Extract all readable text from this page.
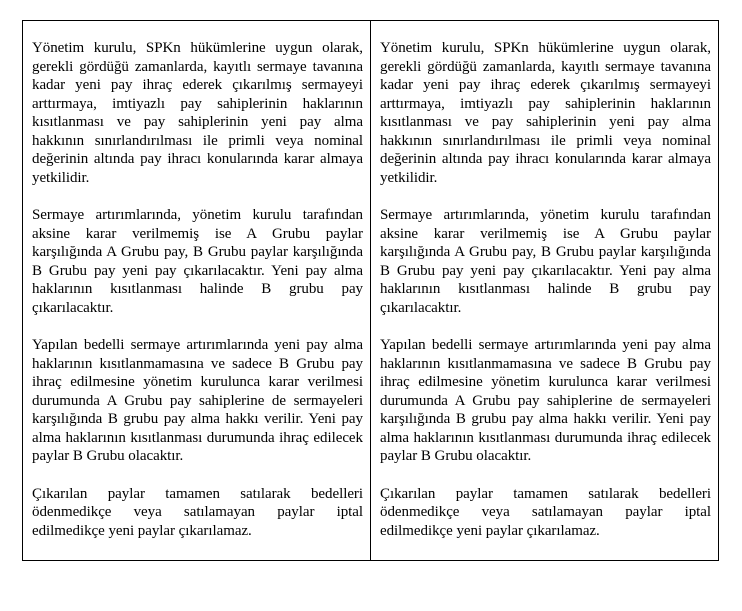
Yönetim kurulu, SPKn hükümlerine uygun olarak, gerekli gördüğü zamanlarda, kayıtlı sermaye tavanına kadar yeni pay ihraç ederek çıkarılmış sermayeyi arttırmaya, imtiyazlı pay sahiplerinin haklarının kısıtlanması ve pay sahiplerinin yeni pay alma hakkının sınırlandırılması ile primli veya nominal değerinin altında pay ihracı konularında karar almaya yetkilidir.

Sermaye artırımlarında, yönetim kurulu tarafından aksine karar verilmemiş ise A Grubu paylar karşılığında A Grubu pay, B Grubu paylar karşılığında B Grubu pay yeni pay çıkarılacaktır. Yeni pay alma haklarının kısıtlanması halinde B grubu pay çıkarılacaktır.

Yapılan bedelli sermaye artırımlarında yeni pay alma haklarının kısıtlanmamasına ve sadece B Grubu pay ihraç edilmesine yönetim kurulunca karar verilmesi durumunda A Grubu pay sahiplerine de sermayeleri karşılığında B grubu pay alma hakkı verilir. Yeni pay alma haklarının kısıtlanması durumunda ihraç edilecek paylar B Grubu olacaktır.

Çıkarılan paylar tamamen satılarak bedelleri ödenmedikçe veya satılamayan paylar iptal edilmedikçe yeni paylar çıkarılamaz.

Yönetim kurulu, SPKn hükümlerine uygun olarak, gerekli gördüğü zamanlarda, kayıtlı sermaye tavanına kadar yeni pay ihraç ederek çıkarılmış sermayeyi arttırmaya, imtiyazlı pay sahiplerinin haklarının kısıtlanması ve pay sahiplerinin yeni pay alma hakkının sınırlandırılması ile primli veya nominal değerinin altında pay ihracı konularında karar almaya yetkilidir.

Sermaye artırımlarında, yönetim kurulu tarafından aksine karar verilmemiş ise A Grubu paylar karşılığında A Grubu pay, B Grubu paylar karşılığında B Grubu pay yeni pay çıkarılacaktır. Yeni pay alma haklarının kısıtlanması halinde B grubu pay çıkarılacaktır.

Yapılan bedelli sermaye artırımlarında yeni pay alma haklarının kısıtlanmamasına ve sadece B Grubu pay ihraç edilmesine yönetim kurulunca karar verilmesi durumunda A Grubu pay sahiplerine de sermayeleri karşılığında B grubu pay alma hakkı verilir. Yeni pay alma haklarının kısıtlanması durumunda ihraç edilecek paylar B Grubu olacaktır.

Çıkarılan paylar tamamen satılarak bedelleri ödenmedikçe veya satılamayan paylar iptal edilmedikçe yeni paylar çıkarılamaz.
